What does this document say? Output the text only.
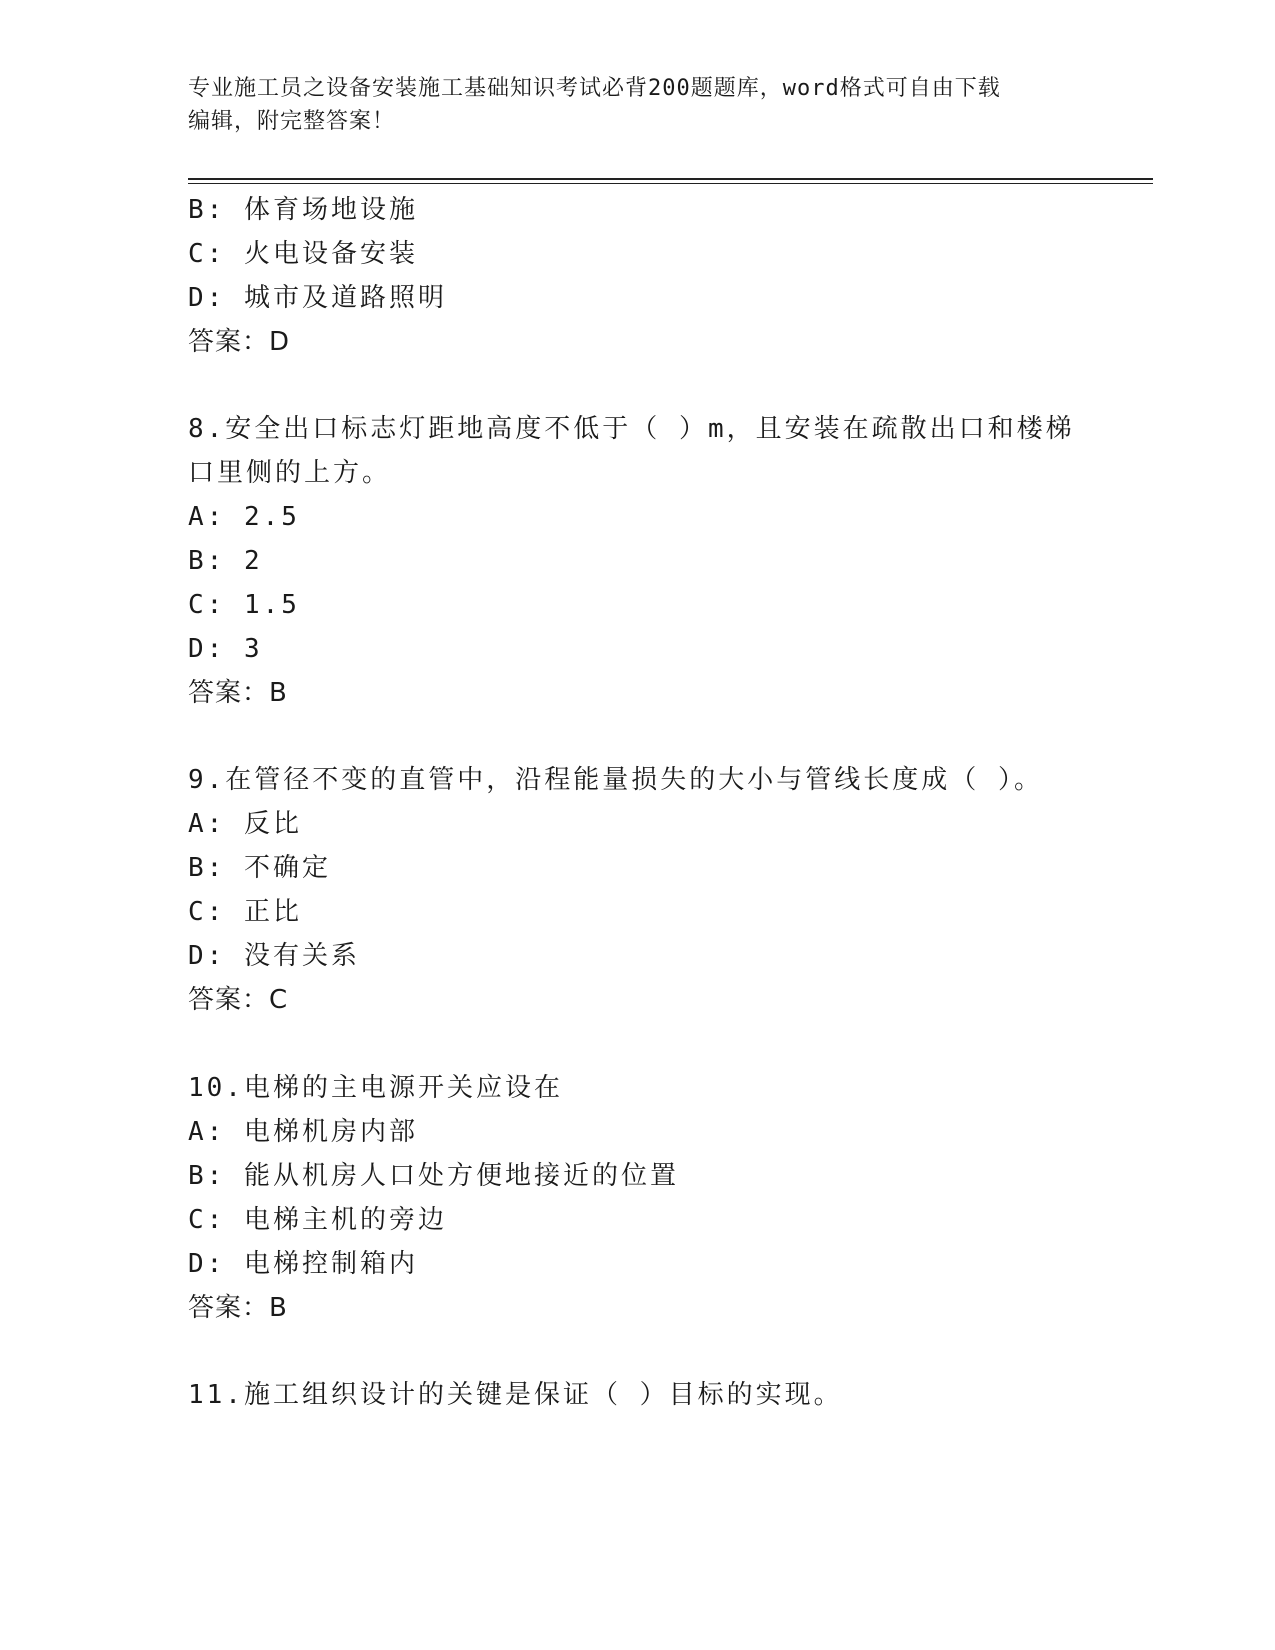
专业施工员之设备安装施工基础知识考试必背200题题库，word格式可自由下载
编辑，附完整答案！
B: 体育场地设施
C: 火电设备安装
D: 城市及道路照明
答案：D
8.安全出口标志灯距地高度不低于（ ）m，且安装在疏散出口和楼梯
口里侧的上方。
A: 2.5
B: 2
C: 1.5
D: 3
答案：B
9.在管径不变的直管中，沿程能量损失的大小与管线长度成（ ）。
A: 反比
B: 不确定
C: 正比
D: 没有关系
答案：C
10.电梯的主电源开关应设在
A: 电梯机房内部
B: 能从机房人口处方便地接近的位置
C: 电梯主机的旁边
D: 电梯控制箱内
答案：B
11.施工组织设计的关键是保证（ ）目标的实现。
